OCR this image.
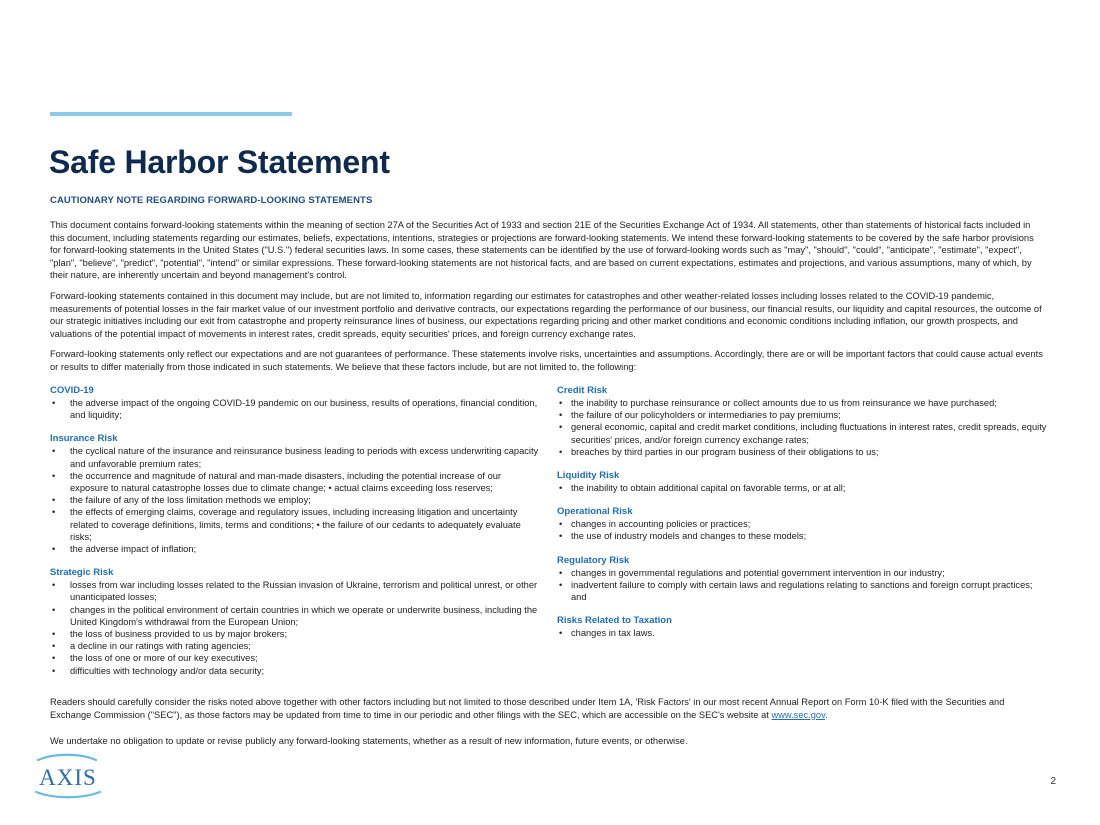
Safe Harbor Statement
CAUTIONARY NOTE REGARDING FORWARD-LOOKING STATEMENTS

This document contains forward-looking statements within the meaning of section 27A of the Securities Act of 1933 and section 21E of the Securities Exchange Act of 1934. All statements, other than statements of historical facts included in this document, including statements regarding our estimates, beliefs, expectations, intentions, strategies or projections are forward-looking statements. We intend these forward-looking statements to be covered by the safe harbor provisions for forward-looking statements in the United States ("U.S.") federal securities laws. In some cases, these statements can be identified by the use of forward-looking words such as "may", "should", "could", "anticipate", "estimate", "expect", "plan", "believe", "predict", "potential", "intend" or similar expressions. These forward-looking statements are not historical facts, and are based on current expectations, estimates and projections, and various assumptions, many of which, by their nature, are inherently uncertain and beyond management's control.

Forward-looking statements contained in this document may include, but are not limited to, information regarding our estimates for catastrophes and other weather-related losses including losses related to the COVID-19 pandemic, measurements of potential losses in the fair market value of our investment portfolio and derivative contracts, our expectations regarding the performance of our business, our financial results, our liquidity and capital resources, the outcome of our strategic initiatives including our exit from catastrophe and property reinsurance lines of business, our expectations regarding pricing and other market conditions and economic conditions including inflation, our growth prospects, and valuations of the potential impact of movements in interest rates, credit spreads, equity securities' prices, and foreign currency exchange rates.

Forward-looking statements only reflect our expectations and are not guarantees of performance. These statements involve risks, uncertainties and assumptions. Accordingly, there are or will be important factors that could cause actual events or results to differ materially from those indicated in such statements. We believe that these factors include, but are not limited to, the following:

COVID-19

• the adverse impact of the ongoing COVID-19 pandemic on our business, results of operations, financial condition, and liquidity;

Insurance Risk

• the cyclical nature of the insurance and reinsurance business leading to periods with excess underwriting capacity and unfavorable premium rates;
• the occurrence and magnitude of natural and man-made disasters, including the potential increase of our exposure to natural catastrophe losses due to climate change; • actual claims exceeding loss reserves;
• the failure of any of the loss limitation methods we employ;
• the effects of emerging claims, coverage and regulatory issues, including increasing litigation and uncertainty related to coverage definitions, limits, terms and conditions; • the failure of our cedants to adequately evaluate risks;
• the adverse impact of inflation;

Strategic Risk

• losses from war including losses related to the Russian invasion of Ukraine, terrorism and political unrest, or other unanticipated losses;
• changes in the political environment of certain countries in which we operate or underwrite business, including the United Kingdom's withdrawal from the European Union;
• the loss of business provided to us by major brokers;
• a decline in our ratings with rating agencies;
• the loss of one or more of our key executives;
• difficulties with technology and/or data security;

Credit Risk

• the inability to purchase reinsurance or collect amounts due to us from reinsurance we have purchased;
• the failure of our policyholders or intermediaries to pay premiums;
• general economic, capital and credit market conditions, including fluctuations in interest rates, credit spreads, equity securities' prices, and/or foreign currency exchange rates;
• breaches by third parties in our program business of their obligations to us;

Liquidity Risk

• the inability to obtain additional capital on favorable terms, or at all;

Operational Risk

• changes in accounting policies or practices;
• the use of industry models and changes to these models;

Regulatory Risk

• changes in governmental regulations and potential government intervention in our industry;
• inadvertent failure to comply with certain laws and regulations relating to sanctions and foreign corrupt practices; and

Risks Related to Taxation

• changes in tax laws.

Readers should carefully consider the risks noted above together with other factors including but not limited to those described under Item 1A, 'Risk Factors' in our most recent Annual Report on Form 10-K filed with the Securities and Exchange Commission ("SEC"), as those factors may be updated from time to time in our periodic and other filings with the SEC, which are accessible on the SEC's website at www.sec.gov.

We undertake no obligation to update or revise publicly any forward-looking statements, whether as a result of new information, future events, or otherwise.

AXIS	2
